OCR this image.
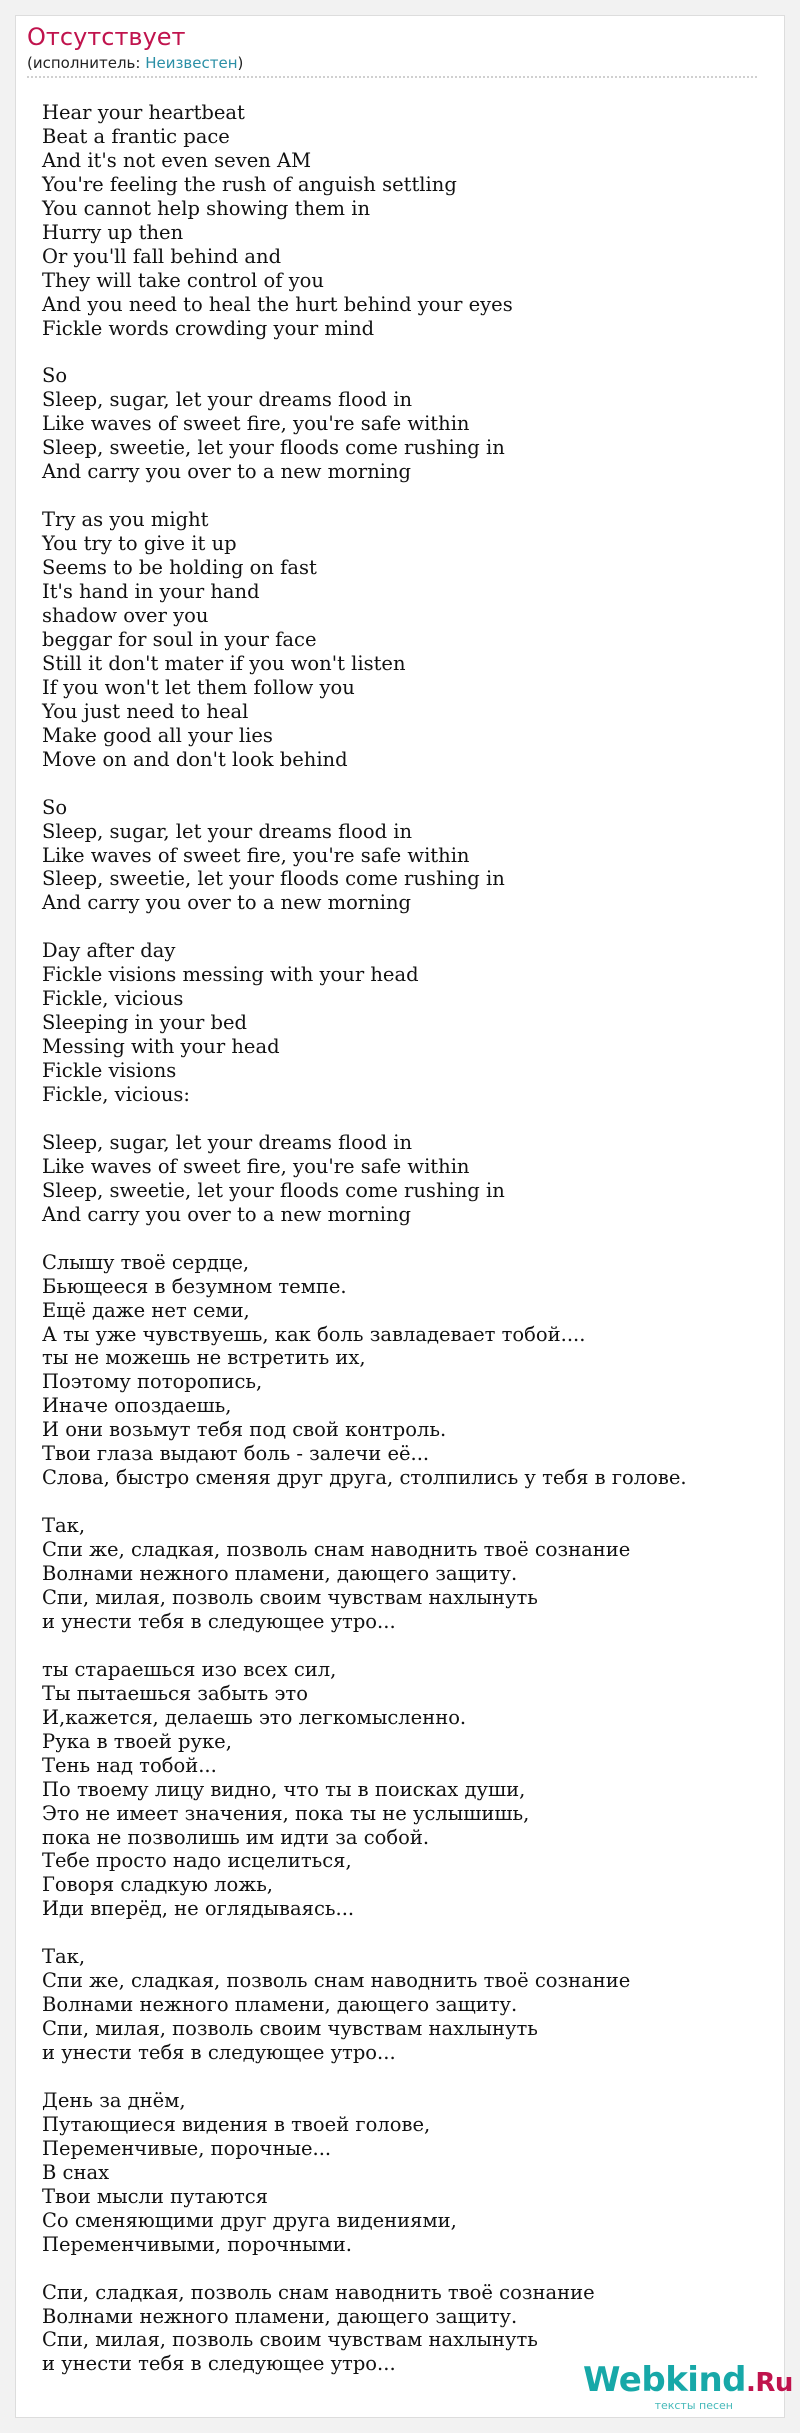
Отсутствует
(исполнитель: Неизвестен)
Hear your heartbeat
Beat a frantic pace
And it's not even seven AM
You're feeling the rush of anguish settling
You cannot help showing them in
Hurry up then
Or you'll fall behind and
They will take control of you
And you need to heal the hurt behind your eyes
Fickle words crowding your mind
So
Sleep, sugar, let your dreams flood in
Like waves of sweet fire, you're safe within
Sleep, sweetie, let your floods come rushing in
And carry you over to a new morning
Try as you might
You try to give it up
Seems to be holding on fast
It's hand in your hand
shadow over you
beggar for soul in your face
Still it don't mater if you won't listen
If you won't let them follow you
You just need to heal
Make good all your lies
Move on and don't look behind
So
Sleep, sugar, let your dreams flood in
Like waves of sweet fire, you're safe within
Sleep, sweetie, let your floods come rushing in
And carry you over to a new morning
Day after day
Fickle visions messing with your head
Fickle, vicious
Sleeping in your bed
Messing with your head
Fickle visions
Fickle, vicious:
Sleep, sugar, let your dreams flood in
Like waves of sweet fire, you're safe within
Sleep, sweetie, let your floods come rushing in
And carry you over to a new morning
Слышу твоё сердце,
Бьющееся в безумном темпе.
Ещё даже нет семи,
А ты уже чувствуешь, как боль завладевает тобой....
ты не можешь не встретить их,
Поэтому поторопись,
Иначе опоздаешь,
И они возьмут тебя под свой контроль.
Твои глаза выдают боль - залечи её...
Слова, быстро сменяя друг друга, столпились у тебя в голове.
Так,
Спи же, сладкая, позволь снам наводнить твоё сознание
Волнами нежного пламени, дающего защиту.
Спи, милая, позволь своим чувствам нахлынуть
и унести тебя в следующее утро...
ты стараешься изо всех сил,
Ты пытаешься забыть это
И,кажется, делаешь это легкомысленно.
Рука в твоей руке,
Тень над тобой...
По твоему лицу видно, что ты в поисках души,
Это не имеет значения, пока ты не услышишь,
пока не позволишь им идти за собой.
Тебе просто надо исцелиться,
Говоря сладкую ложь,
Иди вперёд, не оглядываясь...
Так,
Спи же, сладкая, позволь снам наводнить твоё сознание
Волнами нежного пламени, дающего защиту.
Спи, милая, позволь своим чувствам нахлынуть
и унести тебя в следующее утро...
День за днём,
Путающиеся видения в твоей голове,
Переменчивые, порочные...
В снах
Твои мысли путаются
Со сменяющими друг друга видениями,
Переменчивыми, порочными.
Спи, сладкая, позволь снам наводнить твоё сознание
Волнами нежного пламени, дающего защиту.
Спи, милая, позволь своим чувствам нахлынуть
и унести тебя в следующее утро...	Webkind.Ru
тексты песен
